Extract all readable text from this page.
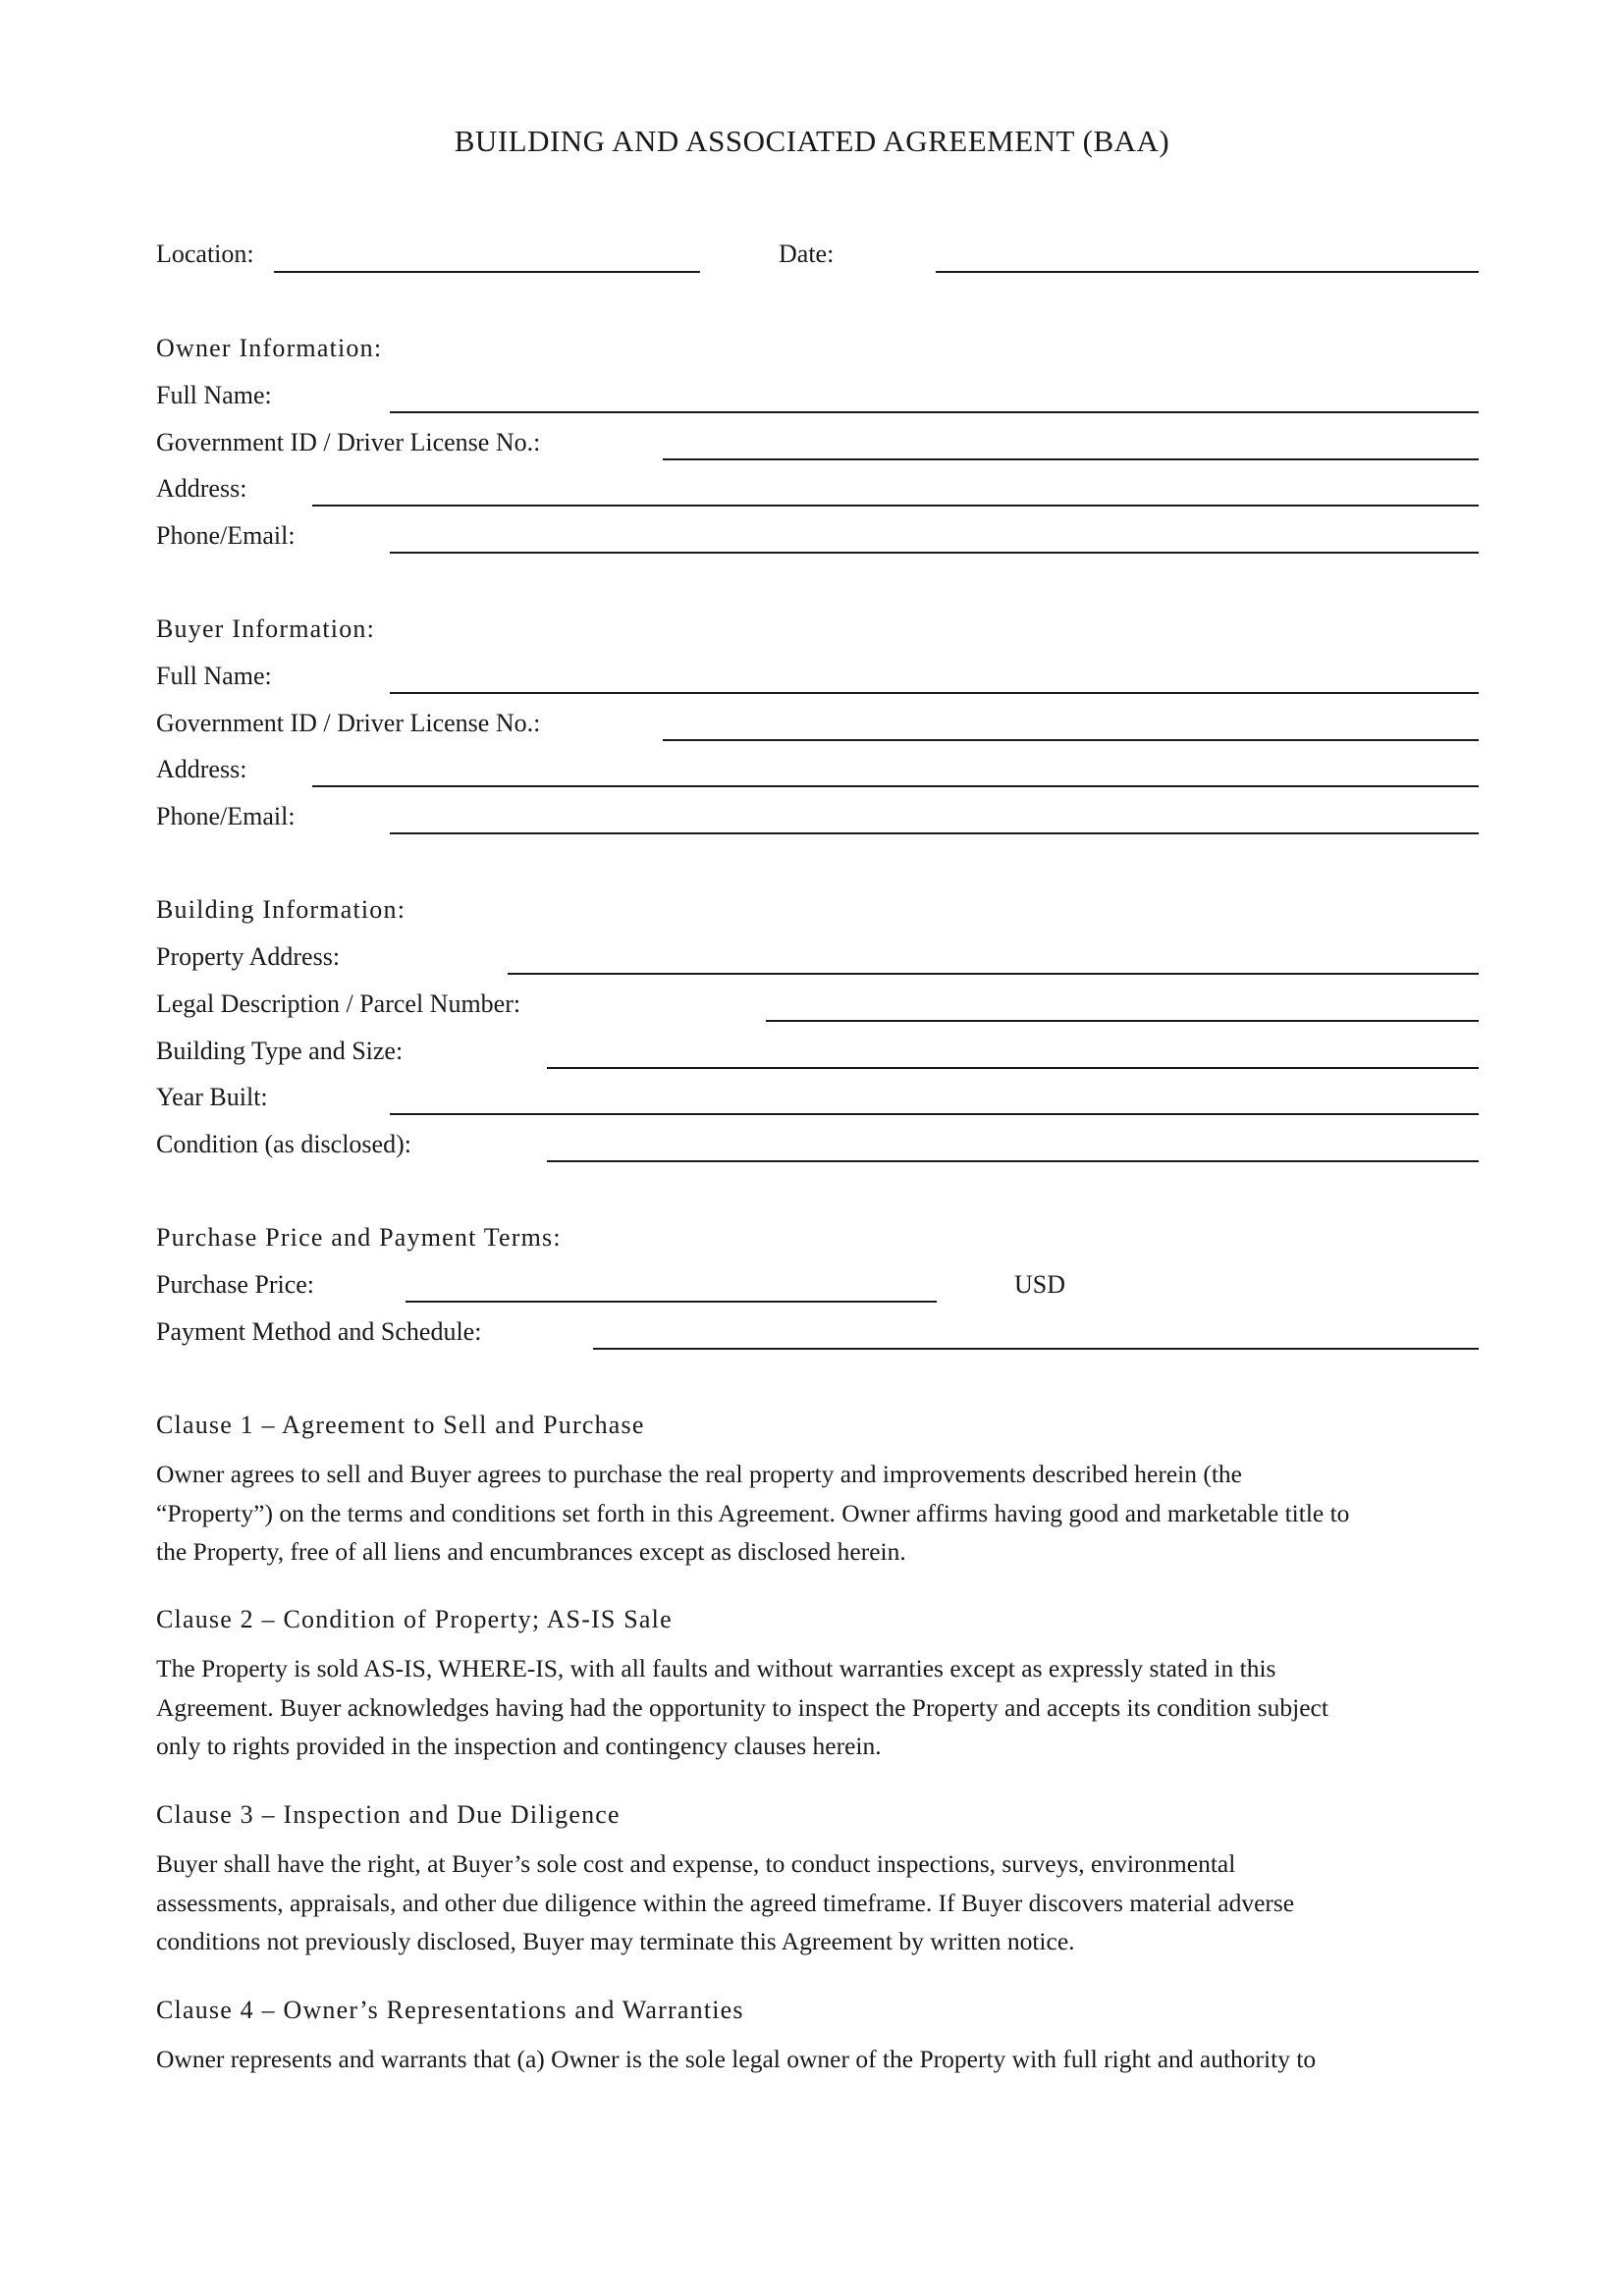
BUILDING AND ASSOCIATED AGREEMENT (BAA)
Location:	Date:
Owner Information:
Full Name:
Government ID / Driver License No.:
Address:
Phone/Email:
Buyer Information:
Full Name:
Government ID / Driver License No.:
Address:
Phone/Email:
Building Information:
Property Address:
Legal Description / Parcel Number:
Building Type and Size:
Year Built:
Condition (as disclosed):
Purchase Price and Payment Terms:
Purchase Price:	USD
Payment Method and Schedule:
Clause 1 – Agreement to Sell and Purchase

Owner agrees to sell and Buyer agrees to purchase the real property and improvements described herein (the

“Property”) on the terms and conditions set forth in this Agreement. Owner affirms having good and marketable title to

the Property, free of all liens and encumbrances except as disclosed herein.

Clause 2 – Condition of Property; AS-IS Sale

The Property is sold AS-IS, WHERE-IS, with all faults and without warranties except as expressly stated in this

Agreement. Buyer acknowledges having had the opportunity to inspect the Property and accepts its condition subject

only to rights provided in the inspection and contingency clauses herein.

Clause 3 – Inspection and Due Diligence

Buyer shall have the right, at Buyer’s sole cost and expense, to conduct inspections, surveys, environmental

assessments, appraisals, and other due diligence within the agreed timeframe. If Buyer discovers material adverse

conditions not previously disclosed, Buyer may terminate this Agreement by written notice.

Clause 4 – Owner’s Representations and Warranties

Owner represents and warrants that (a) Owner is the sole legal owner of the Property with full right and authority to
